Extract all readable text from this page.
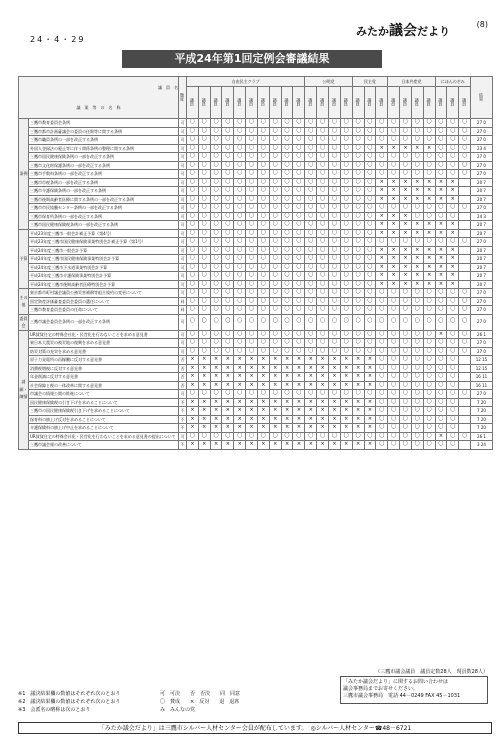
24・4・29
みたか議会だより
(8)
平成24年第1回定例会審議結果
議　員　名
議　案　等　の　名　称		態度	自由民主クラブ										公明党				民主党			日本共産党				にほんのぞみ			結果
			議員	議員	議員	議員	議員	議員	議員	議員	議員	議員	議員	議員	議員	議員	議員	議員	議員	議員	議員	議員	議員	議員	議員	議員	
条例	三鷹市教育委員会条例	可	〇	〇	〇	〇	〇	〇	〇	〇	〇	〇	〇	〇	〇	〇	〇	〇	〇	〇	〇	〇	〇	〇	〇	〇	27 0
	三鷹市都市計画審議会の委員の任期等に関する条例	可	〇	〇	〇	〇	〇	〇	〇	〇	〇	〇	〇	〇	〇	〇	〇	〇	〇	〇	〇	〇	〇	〇	〇	〇	27 0
	三鷹市職員条例の一部を改正する条例	可	〇	〇	〇	〇	〇	〇	〇	〇	〇	〇	〇	〇	〇	〇	〇	〇	〇	〇	〇	〇	〇	〇	〇	〇	27 0
	外国人登録法の廃止等に伴う関係条例の整理に関する条例	可	〇	〇	〇	〇	〇	〇	〇	〇	〇	〇	〇	〇	〇	〇	〇	〇	×	×	×	×	×	〇	〇	〇	23 4
	三鷹市国民健康保険条例の一部を改正する条例	可	〇	〇	〇	〇	〇	〇	〇	〇	〇	〇	〇	〇	〇	〇	〇	〇	〇	〇	〇	〇	〇	〇	〇	〇	27 0
	三鷹市文化財保護条例の一部を改正する条例	可	〇	〇	〇	〇	〇	〇	〇	〇	〇	〇	〇	〇	〇	〇	〇	〇	〇	〇	〇	〇	〇	〇	〇	〇	27 0
	三鷹市手数料条例の一部を改正する条例	可	〇	〇	〇	〇	〇	〇	〇	〇	〇	〇	〇	〇	〇	〇	〇	〇	〇	〇	〇	〇	〇	〇	〇	〇	27 0
	三鷹市市税条例の一部を改正する条例	可	〇	〇	〇	〇	〇	〇	〇	〇	〇	〇	〇	〇	〇	〇	〇	〇	×	×	×	×	×	×	×		20 7
	三鷹市介護保険条例の一部を改正する条例	可	〇	〇	〇	〇	〇	〇	〇	〇	〇	〇	〇	〇	〇	〇	〇	〇	×	×	×	×	×	×	×		20 7
	三鷹市後期高齢者医療に関する条例の一部を改正する条例	可	〇	〇	〇	〇	〇	〇	〇	〇	〇	〇	〇	〇	〇	〇	〇	〇	×	×	×	×	×	×	×		20 7
	三鷹市市民協働センター条例の一部を改正する条例	可	〇	〇	〇	〇	〇	〇	〇	〇	〇	〇	〇	〇	〇	〇	〇	〇	〇	〇	〇	〇	〇	〇	〇	〇	27 0
	三鷹市保育所条例の一部を改正する条例	可	〇	〇	〇	〇	〇	〇	〇	〇	〇	〇	〇	〇	〇	〇	〇	〇	×	×	×	〇	〇	〇	〇		24 3
	三鷹市国民健康保険税条例の一部を改正する条例	可	〇	〇	〇	〇	〇	〇	〇	〇	〇	〇	〇	〇	〇	〇	〇	〇	×	×	×	×	×	×	×		20 7
予算	平成23年度三鷹市一般会計補正予算（第4号）	可	〇	〇	〇	〇	〇	〇	〇	〇	〇	〇	〇	〇	〇	〇	〇	〇	×	×	×	×	×	×	×		20 7
	平成23年度三鷹市国民健康保険事業特別会計補正予算（第1号）	可	〇	〇	〇	〇	〇	〇	〇	〇	〇	〇	〇	〇	〇	〇	〇	〇	〇	〇	〇	〇	〇	〇	〇	〇	27 0
	平成24年度三鷹市一般会計予算	可	〇	〇	〇	〇	〇	〇	〇	〇	〇	〇	〇	〇	〇	〇	〇	〇	×	×	×	×	×	×	×		20 7
	平成24年度三鷹市国民健康保険事業特別会計予算	可	〇	〇	〇	〇	〇	〇	〇	〇	〇	〇	〇	〇	〇	〇	〇	〇	×	×	×	×	×	×	×		20 7
	平成24年度三鷹市下水道事業特別会計予算	可	〇	〇	〇	〇	〇	〇	〇	〇	〇	〇	〇	〇	〇	〇	〇	〇	×	×	×	×	×	×	×		20 7
	平成24年度三鷹市介護保険事業特別会計予算	可	〇	〇	〇	〇	〇	〇	〇	〇	〇	〇	〇	〇	〇	〇	〇	〇	×	×	×	×	×	×	×		20 7
	平成24年度三鷹市後期高齢者医療特別会計予算	可	〇	〇	〇	〇	〇	〇	〇	〇	〇	〇	〇	〇	〇	〇	〇	〇	×	×	×	×	×	×	×		20 7
その他	東京都市町村議会議員公務災害補償等組合規約の変更について	可	〇	〇	〇	〇	〇	〇	〇	〇	〇	〇	〇	〇	〇	〇	〇	〇	〇	〇	〇	〇	〇	〇	〇	〇	27 0
	固定資産評価審査委員会委員の選任について	同	〇	〇	〇	〇	〇	〇	〇	〇	〇	〇	〇	〇	〇	〇	〇	〇	〇	〇	〇	〇	〇	〇	〇	〇	27 0
	三鷹市教育委員会委員の任命について	同	〇	〇	〇	〇	〇	〇	〇	〇	〇	〇	〇	〇	〇	〇	〇	〇	〇	〇	〇	〇	〇	〇	〇	〇	27 0
委員会	三鷹市議会委員会条例の一部を改正する条例	可	〇	〇	〇	〇	〇	〇	〇	〇	〇	〇	〇	〇	〇	〇	〇	〇	〇	〇	〇	〇	〇	〇	〇	〇	27 0
請願・陳情	UR賃貸住宅の特殊会社化・民営化を行わないことを求める意見書	可	〇	〇	〇	〇	〇	〇	〇	〇	〇	〇	〇	〇	〇	〇	〇	〇	〇	〇	〇	〇	〇	×	〇	〇	26 1
	東日本大震災の被災地の復興を求める意見書	可	〇	〇	〇	〇	〇	〇	〇	〇	〇	〇	〇	〇	〇	〇	〇	〇	〇	〇	〇	〇	〇	〇	〇	〇	27 0
	防災対策の充実を求める意見書	可	〇	〇	〇	〇	〇	〇	〇	〇	〇	〇	〇	〇	〇	〇	〇	〇	〇	〇	〇	〇	〇	〇	〇	〇	27 0
	原子力発電所の再稼働に反対する意見書	否	×	×	×	×	×	×	×	×	×	×	×	×	×	×	×	×	〇	〇	〇	〇	〇	〇	〇		12 15
	消費税増税に反対する意見書	否	×	×	×	×	×	×	×	×	×	×	×	×	×	×	×	×	〇	〇	〇	〇	〇	〇	〇		12 15
	年金削減に反対する意見書	否	×	×	×	×	×	×	×	×	×	×	×	×	×	×	×	×	〇	〇	〇	〇	〇	〇	〇		16 11
	社会保障と税の一体改革に関する意見書	否	×	×	×	×	×	×	×	×	×	×	×	×	×	×	×	×	〇	〇	〇	〇	〇	〇	〇		16 11
	市議会の情報公開の推進について	可	〇	〇	〇	〇	〇	〇	〇	〇	〇	〇	〇	〇	〇	〇	〇	〇	〇	〇	〇	〇	〇	〇	〇	〇	27 0
	国民健康保険税の引き下げを求めることについて	不	×	×	×	×	×	×	×	×	×	×	×	×	×	×	×	×	〇	〇	〇	〇	〇	〇	〇		7 20
	三鷹市の国民健康保険税引き下げを求めることについて	不	×	×	×	×	×	×	×	×	×	×	×	×	×	×	×	×	〇	〇	〇	〇	〇	〇	〇		7 20
	保育料の値上げ反対を求めることについて	不	×	×	×	×	×	×	×	×	×	×	×	×	×	×	×	×	〇	〇	〇	〇	〇	〇	〇		7 20
	介護保険料の値上げ中止を求めることについて	不	×	×	×	×	×	×	×	×	×	×	×	×	×	×	×	×	〇	〇	〇	〇	〇	〇	〇		7 20
	UR賃貸住宅の特殊会社化・民営化を行わないことを求める意見書の提出について	可	〇	〇	〇	〇	〇	〇	〇	〇	〇	〇	〇	〇	〇	〇	〇	〇	〇	〇	〇	〇	〇	×	〇	〇	26 1
	三鷹市議会報の改善について	不	×	×	×	×	×	×	×	×	×	×	×	×	×	×	×	×	〇	〇	〇	〇	〇	〇	〇		3 24
（三鷹市議会議員　議員定数28人　現員数28人）
※1　議決結果欄の数値はそれぞれ次のとおり
※2　議決結果欄の数値はそれぞれ次のとおり
※3　会派名の略称は次のとおり
可　可決　　否　否決　　同　同意
〇　賛成　　×　反対　　退　退席
み　みんなの党
「みたか議会だより」に関するお問い合わせは
議会事務局までお寄せください。
三鷹市議会事務局　電話 44－0249 FAX 45－1031
「みたか議会だより」は三鷹市シルバー人材センター会員が配布しています。　◎シルバー人材センター☎48－6721
